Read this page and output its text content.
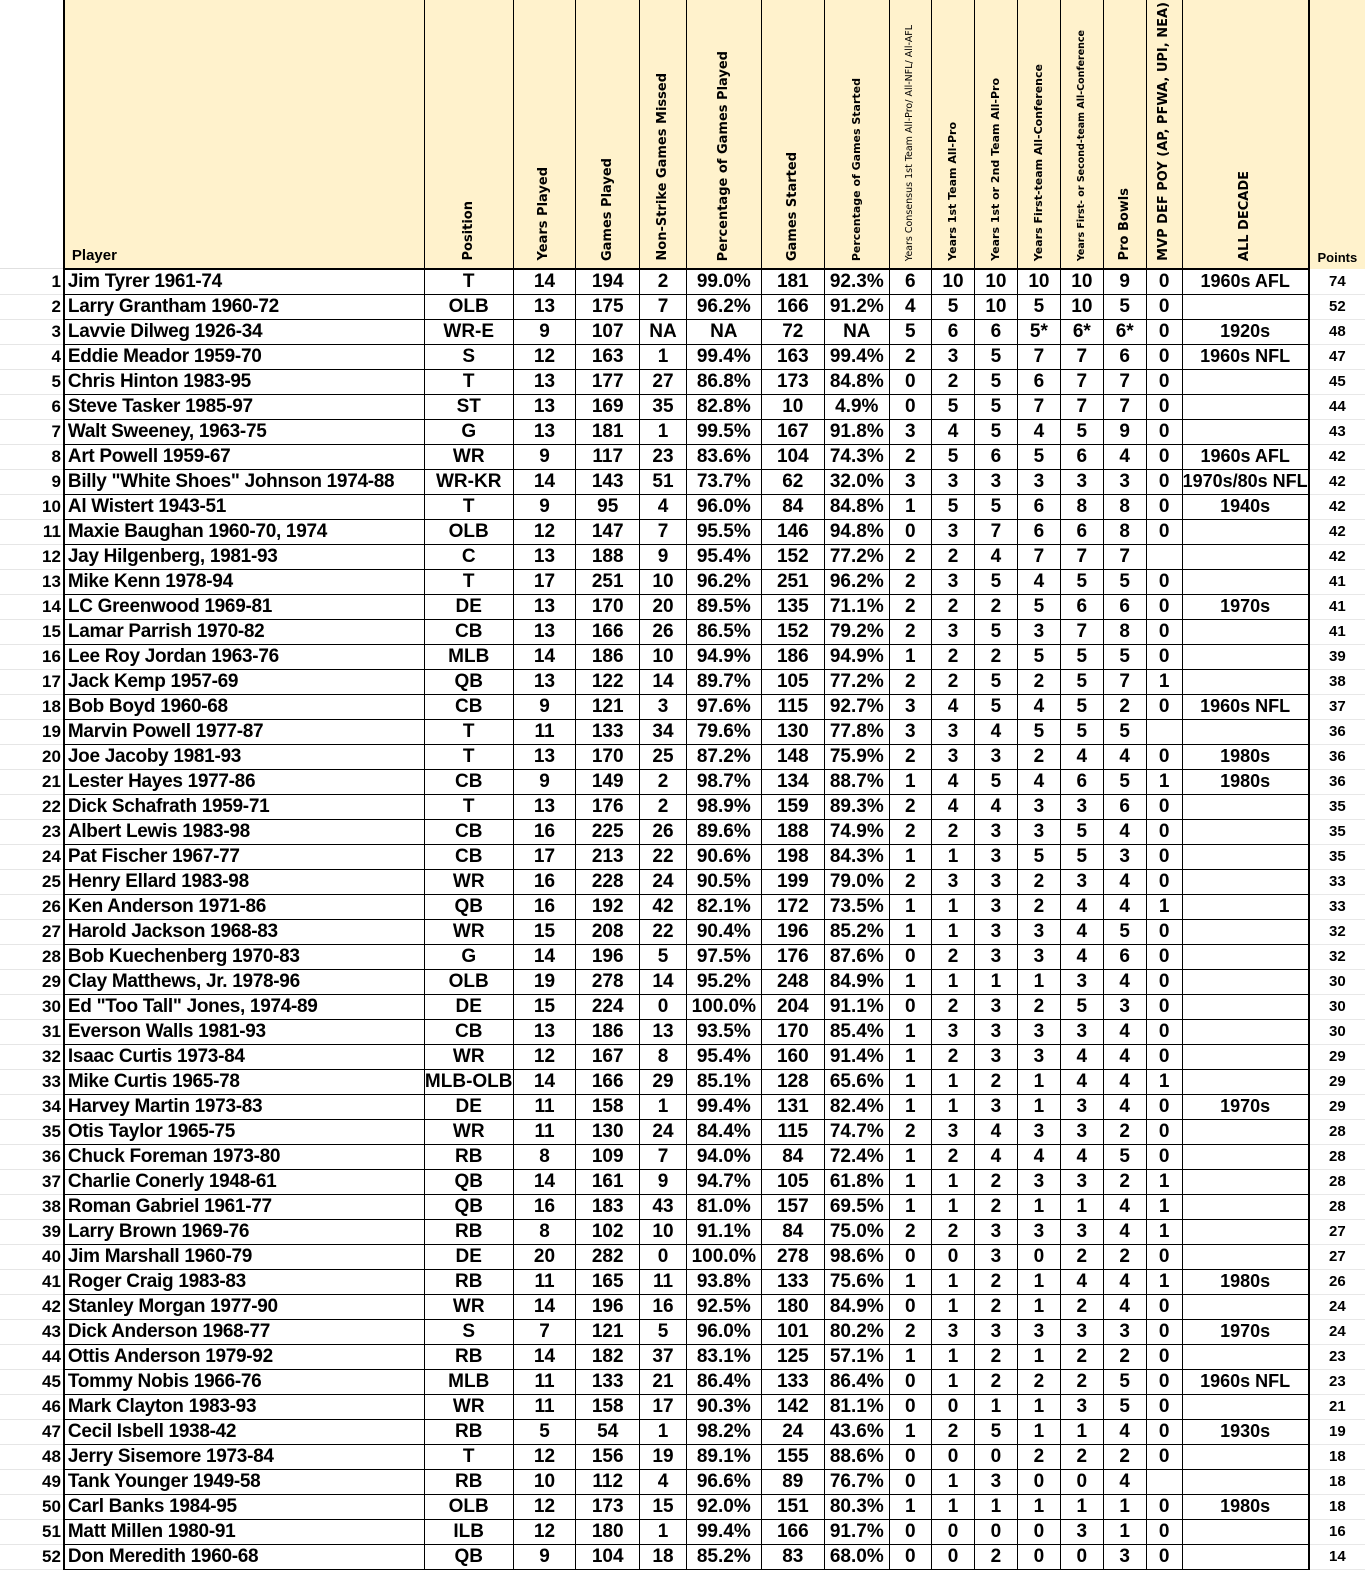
	Player	Position	Years Played	Games Played	Non-Strike Games Missed	Percentage of Games Played	Games Started	Percentage of Games Started	Years Consensus 1st Team All-Pro/ All-NFL/ All-AFL	Years 1st Team All-Pro	Years 1st or 2nd Team All-Pro	Years First-team All-Conference	Years First- or Second-team All-Conference	Pro Bowls	MVP DEF POY (AP, PFWA, UPI, NEA)	ALL DECADE	Points
1	Jim Tyrer 1961-74	T	14	194	2	99.0%	181	92.3%	6	10	10	10	10	9	0	1960s AFL	74
2	Larry Grantham 1960-72	OLB	13	175	7	96.2%	166	91.2%	4	5	10	5	10	5	0		52
3	Lavvie Dilweg 1926-34	WR-E	9	107	NA	NA	72	NA	5	6	6	5*	6*	6*	0	1920s	48
4	Eddie Meador 1959-70	S	12	163	1	99.4%	163	99.4%	2	3	5	7	7	6	0	1960s NFL	47
5	Chris Hinton 1983-95	T	13	177	27	86.8%	173	84.8%	0	2	5	6	7	7	0		45
6	Steve Tasker 1985-97	ST	13	169	35	82.8%	10	4.9%	0	5	5	7	7	7	0		44
7	Walt Sweeney, 1963-75	G	13	181	1	99.5%	167	91.8%	3	4	5	4	5	9	0		43
8	Art Powell 1959-67	WR	9	117	23	83.6%	104	74.3%	2	5	6	5	6	4	0	1960s AFL	42
9	Billy "White Shoes" Johnson 1974-88	WR-KR	14	143	51	73.7%	62	32.0%	3	3	3	3	3	3	0	1970s/80s NFL	42
10	Al Wistert 1943-51	T	9	95	4	96.0%	84	84.8%	1	5	5	6	8	8	0	1940s	42
11	Maxie Baughan 1960-70, 1974	OLB	12	147	7	95.5%	146	94.8%	0	3	7	6	6	8	0		42
12	Jay Hilgenberg, 1981-93	C	13	188	9	95.4%	152	77.2%	2	2	4	7	7	7			42
13	Mike Kenn 1978-94	T	17	251	10	96.2%	251	96.2%	2	3	5	4	5	5	0		41
14	LC Greenwood 1969-81	DE	13	170	20	89.5%	135	71.1%	2	2	2	5	6	6	0	1970s	41
15	Lamar Parrish 1970-82	CB	13	166	26	86.5%	152	79.2%	2	3	5	3	7	8	0		41
16	Lee Roy Jordan 1963-76	MLB	14	186	10	94.9%	186	94.9%	1	2	2	5	5	5	0		39
17	Jack Kemp 1957-69	QB	13	122	14	89.7%	105	77.2%	2	2	5	2	5	7	1		38
18	Bob Boyd 1960-68	CB	9	121	3	97.6%	115	92.7%	3	4	5	4	5	2	0	1960s NFL	37
19	Marvin Powell 1977-87	T	11	133	34	79.6%	130	77.8%	3	3	4	5	5	5			36
20	Joe Jacoby 1981-93	T	13	170	25	87.2%	148	75.9%	2	3	3	2	4	4	0	1980s	36
21	Lester Hayes 1977-86	CB	9	149	2	98.7%	134	88.7%	1	4	5	4	6	5	1	1980s	36
22	Dick Schafrath 1959-71	T	13	176	2	98.9%	159	89.3%	2	4	4	3	3	6	0		35
23	Albert Lewis 1983-98	CB	16	225	26	89.6%	188	74.9%	2	2	3	3	5	4	0		35
24	Pat Fischer 1967-77	CB	17	213	22	90.6%	198	84.3%	1	1	3	5	5	3	0		35
25	Henry Ellard 1983-98	WR	16	228	24	90.5%	199	79.0%	2	3	3	2	3	4	0		33
26	Ken Anderson 1971-86	QB	16	192	42	82.1%	172	73.5%	1	1	3	2	4	4	1		33
27	Harold Jackson 1968-83	WR	15	208	22	90.4%	196	85.2%	1	1	3	3	4	5	0		32
28	Bob Kuechenberg 1970-83	G	14	196	5	97.5%	176	87.6%	0	2	3	3	4	6	0		32
29	Clay Matthews, Jr. 1978-96	OLB	19	278	14	95.2%	248	84.9%	1	1	1	1	3	4	0		30
30	Ed "Too Tall" Jones, 1974-89	DE	15	224	0	100.0%	204	91.1%	0	2	3	2	5	3	0		30
31	Everson Walls 1981-93	CB	13	186	13	93.5%	170	85.4%	1	3	3	3	3	4	0		30
32	Isaac Curtis 1973-84	WR	12	167	8	95.4%	160	91.4%	1	2	3	3	4	4	0		29
33	Mike Curtis 1965-78	MLB-OLB	14	166	29	85.1%	128	65.6%	1	1	2	1	4	4	1		29
34	Harvey Martin 1973-83	DE	11	158	1	99.4%	131	82.4%	1	1	3	1	3	4	0	1970s	29
35	Otis Taylor 1965-75	WR	11	130	24	84.4%	115	74.7%	2	3	4	3	3	2	0		28
36	Chuck Foreman 1973-80	RB	8	109	7	94.0%	84	72.4%	1	2	4	4	4	5	0		28
37	Charlie Conerly 1948-61	QB	14	161	9	94.7%	105	61.8%	1	1	2	3	3	2	1		28
38	Roman Gabriel 1961-77	QB	16	183	43	81.0%	157	69.5%	1	1	2	1	1	4	1		28
39	Larry Brown 1969-76	RB	8	102	10	91.1%	84	75.0%	2	2	3	3	3	4	1		27
40	Jim Marshall 1960-79	DE	20	282	0	100.0%	278	98.6%	0	0	3	0	2	2	0		27
41	Roger Craig 1983-83	RB	11	165	11	93.8%	133	75.6%	1	1	2	1	4	4	1	1980s	26
42	Stanley Morgan 1977-90	WR	14	196	16	92.5%	180	84.9%	0	1	2	1	2	4	0		24
43	Dick Anderson 1968-77	S	7	121	5	96.0%	101	80.2%	2	3	3	3	3	3	0	1970s	24
44	Ottis Anderson 1979-92	RB	14	182	37	83.1%	125	57.1%	1	1	2	1	2	2	0		23
45	Tommy Nobis 1966-76	MLB	11	133	21	86.4%	133	86.4%	0	1	2	2	2	5	0	1960s NFL	23
46	Mark Clayton 1983-93	WR	11	158	17	90.3%	142	81.1%	0	0	1	1	3	5	0		21
47	Cecil Isbell 1938-42	RB	5	54	1	98.2%	24	43.6%	1	2	5	1	1	4	0	1930s	19
48	Jerry Sisemore 1973-84	T	12	156	19	89.1%	155	88.6%	0	0	0	2	2	2	0		18
49	Tank Younger 1949-58	RB	10	112	4	96.6%	89	76.7%	0	1	3	0	0	4			18
50	Carl Banks 1984-95	OLB	12	173	15	92.0%	151	80.3%	1	1	1	1	1	1	0	1980s	18
51	Matt Millen 1980-91	ILB	12	180	1	99.4%	166	91.7%	0	0	0	0	3	1	0		16
52	Don Meredith 1960-68	QB	9	104	18	85.2%	83	68.0%	0	0	2	0	0	3	0		14
